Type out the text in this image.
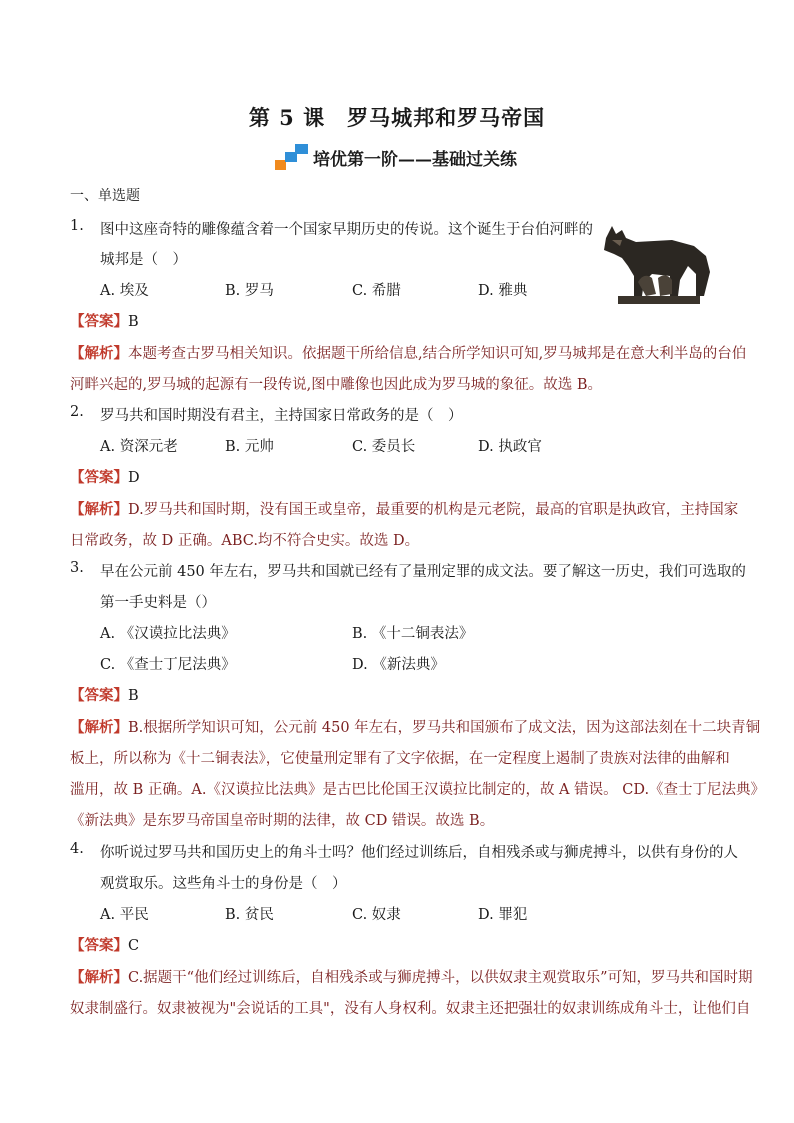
第 5 课　罗马城邦和罗马帝国
培优第一阶——基础过关练
一、单选题
1. 图中这座奇特的雕像蕴含着一个国家早期历史的传说。这个诞生于台伯河畔的
城邦是（　）
A. 埃及	B. 罗马	C. 希腊	D. 雅典
【答案】B
【解析】本题考查古罗马相关知识。依据题干所给信息,结合所学知识可知,罗马城邦是在意大利半岛的台伯
河畔兴起的,罗马城的起源有一段传说,图中雕像也因此成为罗马城的象征。故选 B。
2. 罗马共和国时期没有君主，主持国家日常政务的是（　）
A. 资深元老	B. 元帅	C. 委员长	D. 执政官
【答案】D
【解析】D.罗马共和国时期，没有国王或皇帝，最重要的机构是元老院，最高的官职是执政官，主持国家
日常政务，故 D 正确。ABC.均不符合史实。故选 D。
3. 早在公元前 450 年左右，罗马共和国就已经有了量刑定罪的成文法。要了解这一历史，我们可选取的
第一手史料是（）
A. 《汉谟拉比法典》	B. 《十二铜表法》
C. 《查士丁尼法典》	D. 《新法典》
【答案】B
【解析】B.根据所学知识可知，公元前 450 年左右，罗马共和国颁布了成文法，因为这部法刻在十二块青铜
板上，所以称为《十二铜表法》，它使量刑定罪有了文字依据，在一定程度上遏制了贵族对法律的曲解和
滥用，故 B 正确。A.《汉谟拉比法典》是古巴比伦国王汉谟拉比制定的，故 A 错误。 CD.《查士丁尼法典》
《新法典》是东罗马帝国皇帝时期的法律，故 CD 错误。故选 B。
4. 你听说过罗马共和国历史上的角斗士吗？他们经过训练后，自相残杀或与狮虎搏斗，以供有身份的人
观赏取乐。这些角斗士的身份是（　）
A. 平民	B. 贫民	C. 奴隶	D. 罪犯
【答案】C
【解析】C.据题干“他们经过训练后，自相残杀或与狮虎搏斗，以供奴隶主观赏取乐”可知，罗马共和国时期
奴隶制盛行。奴隶被视为"会说话的工具"，没有人身权利。奴隶主还把强壮的奴隶训练成角斗士，让他们自
